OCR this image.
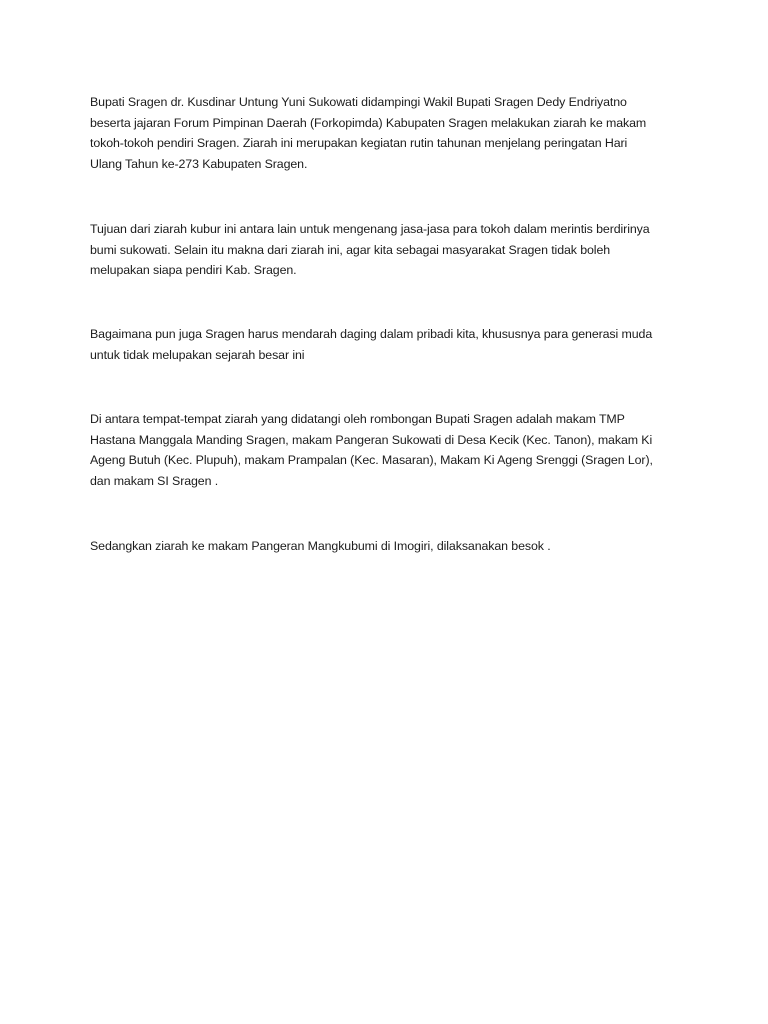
Bupati Sragen dr. Kusdinar Untung Yuni Sukowati didampingi Wakil Bupati Sragen Dedy Endriyatno
beserta jajaran Forum Pimpinan Daerah (Forkopimda) Kabupaten Sragen melakukan ziarah ke makam
tokoh-tokoh pendiri Sragen. Ziarah ini merupakan kegiatan rutin tahunan menjelang peringatan Hari
Ulang Tahun ke-273 Kabupaten Sragen.

Tujuan dari ziarah kubur ini antara lain untuk mengenang jasa-jasa para tokoh dalam merintis berdirinya
bumi sukowati. Selain itu makna dari ziarah ini, agar kita sebagai masyarakat Sragen tidak boleh
melupakan siapa pendiri Kab. Sragen.

Bagaimana pun juga Sragen harus mendarah daging dalam pribadi kita, khususnya para generasi muda
untuk tidak melupakan sejarah besar ini

Di antara tempat-tempat ziarah yang didatangi oleh rombongan Bupati Sragen adalah makam TMP
Hastana Manggala Manding Sragen, makam Pangeran Sukowati di Desa Kecik (Kec. Tanon), makam Ki
Ageng Butuh (Kec. Plupuh), makam Prampalan (Kec. Masaran), Makam Ki Ageng Srenggi (Sragen Lor),
dan makam SI Sragen .

Sedangkan ziarah ke makam Pangeran Mangkubumi di Imogiri, dilaksanakan besok .
